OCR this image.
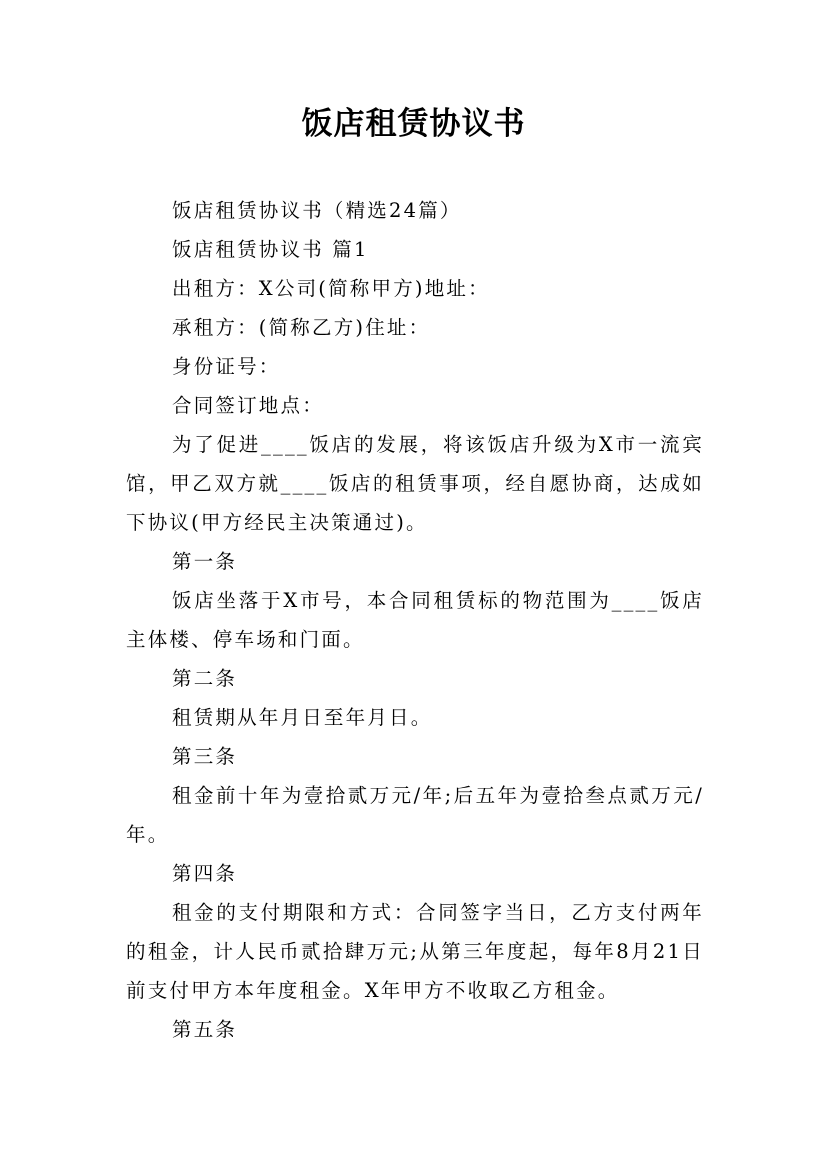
饭店租赁协议书

饭店租赁协议书（精选24篇）

饭店租赁协议书 篇1

出租方：X公司(简称甲方)地址：

承租方：(简称乙方)住址：

身份证号：

合同签订地点：

为了促进____饭店的发展，将该饭店升级为X市一流宾馆，甲乙双方就____饭店的租赁事项，经自愿协商，达成如下协议(甲方经民主决策通过)。

第一条

饭店坐落于X市号，本合同租赁标的物范围为____饭店主体楼、停车场和门面。

第二条

租赁期从年月日至年月日。

第三条

租金前十年为壹拾贰万元/年;后五年为壹拾叁点贰万元/年。

第四条

租金的支付期限和方式：合同签字当日，乙方支付两年的租金，计人民币贰拾肆万元;从第三年度起，每年8月21日前支付甲方本年度租金。X年甲方不收取乙方租金。

第五条
